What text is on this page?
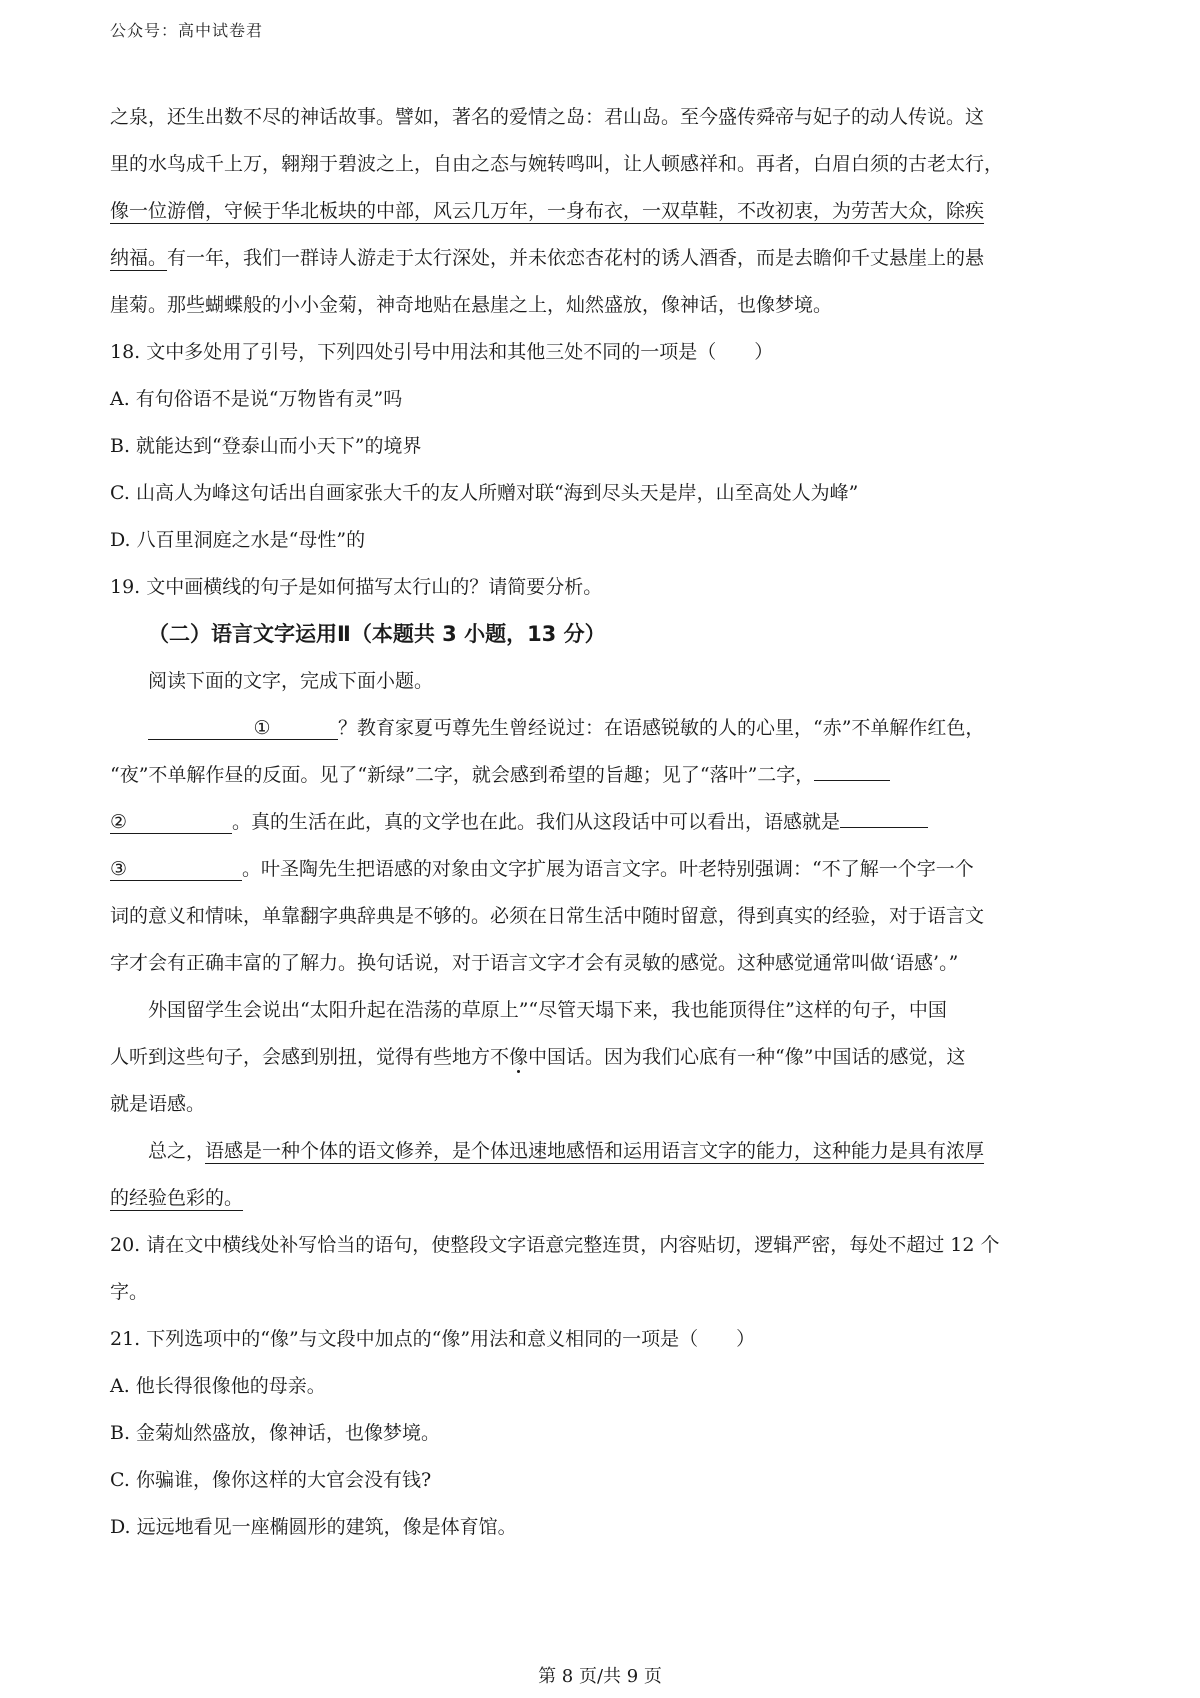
公众号：高中试卷君

之泉，还生出数不尽的神话故事。譬如，著名的爱情之岛：君山岛。至今盛传舜帝与妃子的动人传说。这

里的水鸟成千上万，翱翔于碧波之上，自由之态与婉转鸣叫，让人顿感祥和。再者，白眉白须的古老太行，

像一位游僧，守候于华北板块的中部，风云几万年，一身布衣，一双草鞋，不改初衷，为劳苦大众，除疾

纳福。有一年，我们一群诗人游走于太行深处，并未依恋杏花村的诱人酒香，而是去瞻仰千丈悬崖上的悬

崖菊。那些蝴蝶般的小小金菊，神奇地贴在悬崖之上，灿然盛放，像神话，也像梦境。

18. 文中多处用了引号，下列四处引号中用法和其他三处不同的一项是（　　）

A. 有句俗语不是说“万物皆有灵”吗

B. 就能达到“登泰山而小天下”的境界

C. 山高人为峰这句话出自画家张大千的友人所赠对联“海到尽头天是岸，山至高处人为峰”

D. 八百里洞庭之水是“母性”的

19. 文中画横线的句子是如何描写太行山的？请简要分析。

（二）语言文字运用Ⅱ（本题共 3 小题，13 分）

阅读下面的文字，完成下面小题。

①	？教育家夏丏尊先生曾经说过：在语感锐敏的人的心里，“赤”不单解作红色，

“夜”不单解作昼的反面。见了“新绿”二字，就会感到希望的旨趣；见了“落叶”二字，

②	。真的生活在此，真的文学也在此。我们从这段话中可以看出，语感就是

③	。叶圣陶先生把语感的对象由文字扩展为语言文字。叶老特别强调：“不了解一个字一个

词的意义和情味，单靠翻字典辞典是不够的。必须在日常生活中随时留意，得到真实的经验，对于语言文

字才会有正确丰富的了解力。换句话说，对于语言文字才会有灵敏的感觉。这种感觉通常叫做‘语感’。”

外国留学生会说出“太阳升起在浩荡的草原上”“尽管天塌下来，我也能顶得住”这样的句子，中国

人听到这些句子，会感到别扭，觉得有些地方不像中国话。因为我们心底有一种“像”中国话的感觉，这

就是语感。

总之，语感是一种个体的语文修养，是个体迅速地感悟和运用语言文字的能力，这种能力是具有浓厚

的经验色彩的。

20. 请在文中横线处补写恰当的语句，使整段文字语意完整连贯，内容贴切，逻辑严密，每处不超过 12 个

字。

21. 下列选项中的“像”与文段中加点的“像”用法和意义相同的一项是（　　）

A. 他长得很像他的母亲。

B. 金菊灿然盛放，像神话，也像梦境。

C. 你骗谁，像你这样的大官会没有钱?

D. 远远地看见一座椭圆形的建筑，像是体育馆。

第 8 页/共 9 页
